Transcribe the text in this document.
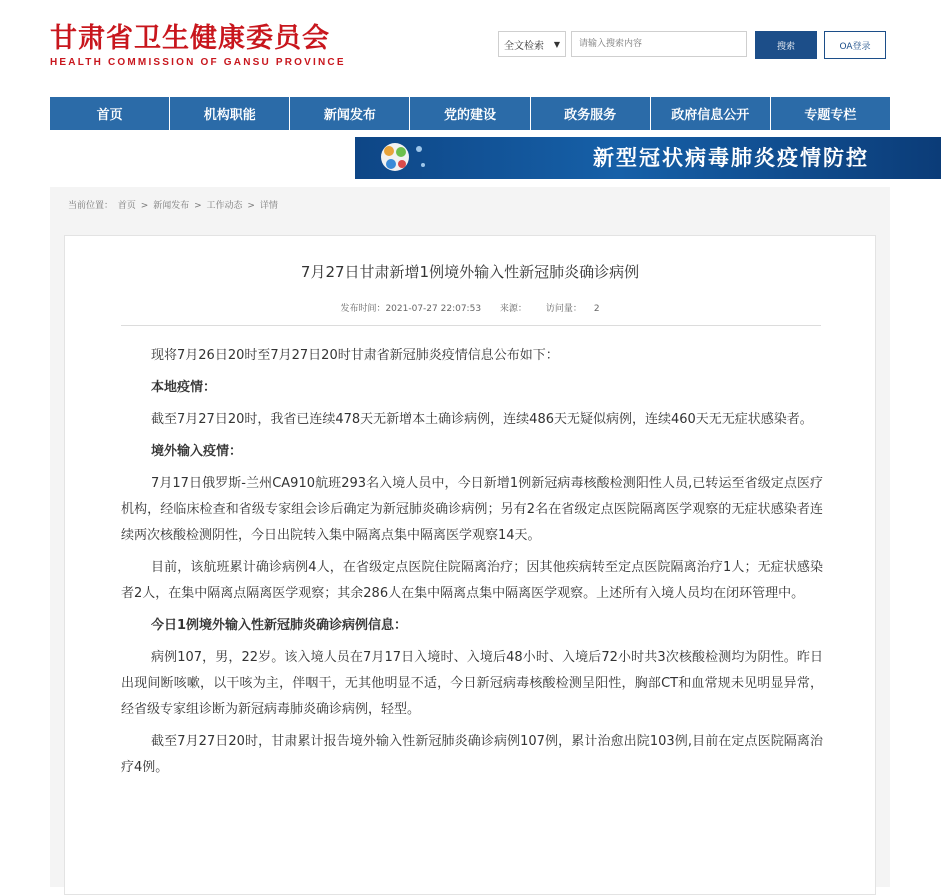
甘肃省卫生健康委员会
HEALTH COMMISSION OF GANSU PROVINCE
全文检索 ▼
请输入搜索内容	搜索	OA登录
首页	机构职能	新闻发布	党的建设	政务服务	政府信息公开	专题专栏
互动交流
新型冠状病毒肺炎疫情防控
当前位置： 首页 > 新闻发布 > 工作动态 > 详情
7月27日甘肃新增1例境外输入性新冠肺炎确诊病例
发布时间：2021-07-27 22:07:53 来源： 访问量： 2

现将7月26日20时至7月27日20时甘肃省新冠肺炎疫情信息公布如下：

本地疫情：

截至7月27日20时，我省已连续478天无新增本土确诊病例，连续486天无疑似病例，连续460天无无症状感染者。

境外输入疫情：

7月17日俄罗斯-兰州CA910航班293名入境人员中，今日新增1例新冠病毒核酸检测阳性人员,已转运至省级定点医疗机构，经临床检查和省级专家组会诊后确定为新冠肺炎确诊病例；另有2名在省级定点医院隔离医学观察的无症状感染者连续两次核酸检测阴性，今日出院转入集中隔离点集中隔离医学观察14天。

目前，该航班累计确诊病例4人，在省级定点医院住院隔离治疗；因其他疾病转至定点医院隔离治疗1人；无症状感染者2人，在集中隔离点隔离医学观察；其余286人在集中隔离点集中隔离医学观察。上述所有入境人员均在闭环管理中。

今日1例境外输入性新冠肺炎确诊病例信息：

病例107，男，22岁。该入境人员在7月17日入境时、入境后48小时、入境后72小时共3次核酸检测均为阴性。昨日出现间断咳嗽，以干咳为主，伴咽干，无其他明显不适，今日新冠病毒核酸检测呈阳性，胸部CT和血常规未见明显异常，经省级专家组诊断为新冠病毒肺炎确诊病例，轻型。

截至7月27日20时，甘肃累计报告境外输入性新冠肺炎确诊病例107例，累计治愈出院103例,目前在定点医院隔离治疗4例。
